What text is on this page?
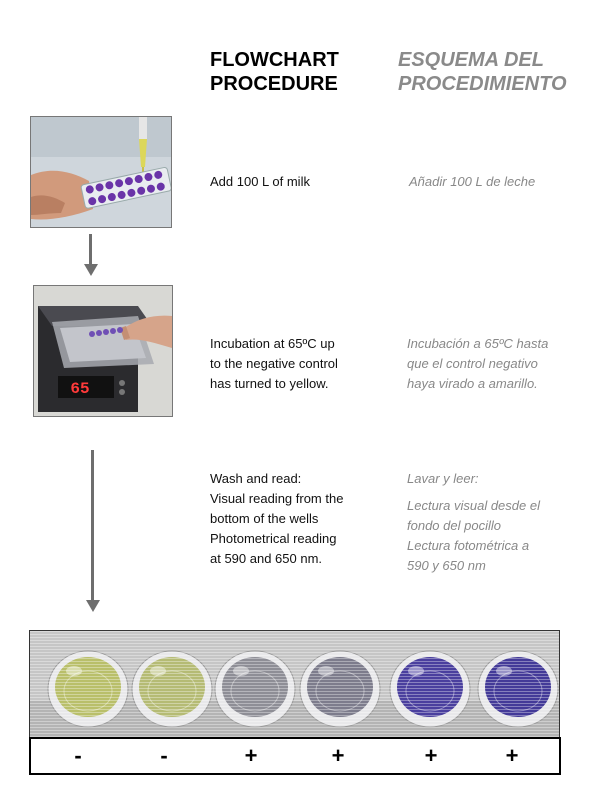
FLOWCHART PROCEDURE
ESQUEMA DEL PROCEDIMIENTO
Add 100 L of milk	Añadir 100 L de leche
65
Incubation at 65ºC up
to the negative control
has turned to yellow.
Incubación a 65ºC hasta
que el control negativo
haya virado a amarillo.
Wash and read:
Visual reading from the
bottom of the wells
Photometrical reading
at 590 and 650 nm.
Lavar y leer:
Lectura visual desde el
fondo del pocillo
Lectura fotométrica a
590 y 650 nm
-	-	+	+	+	+
